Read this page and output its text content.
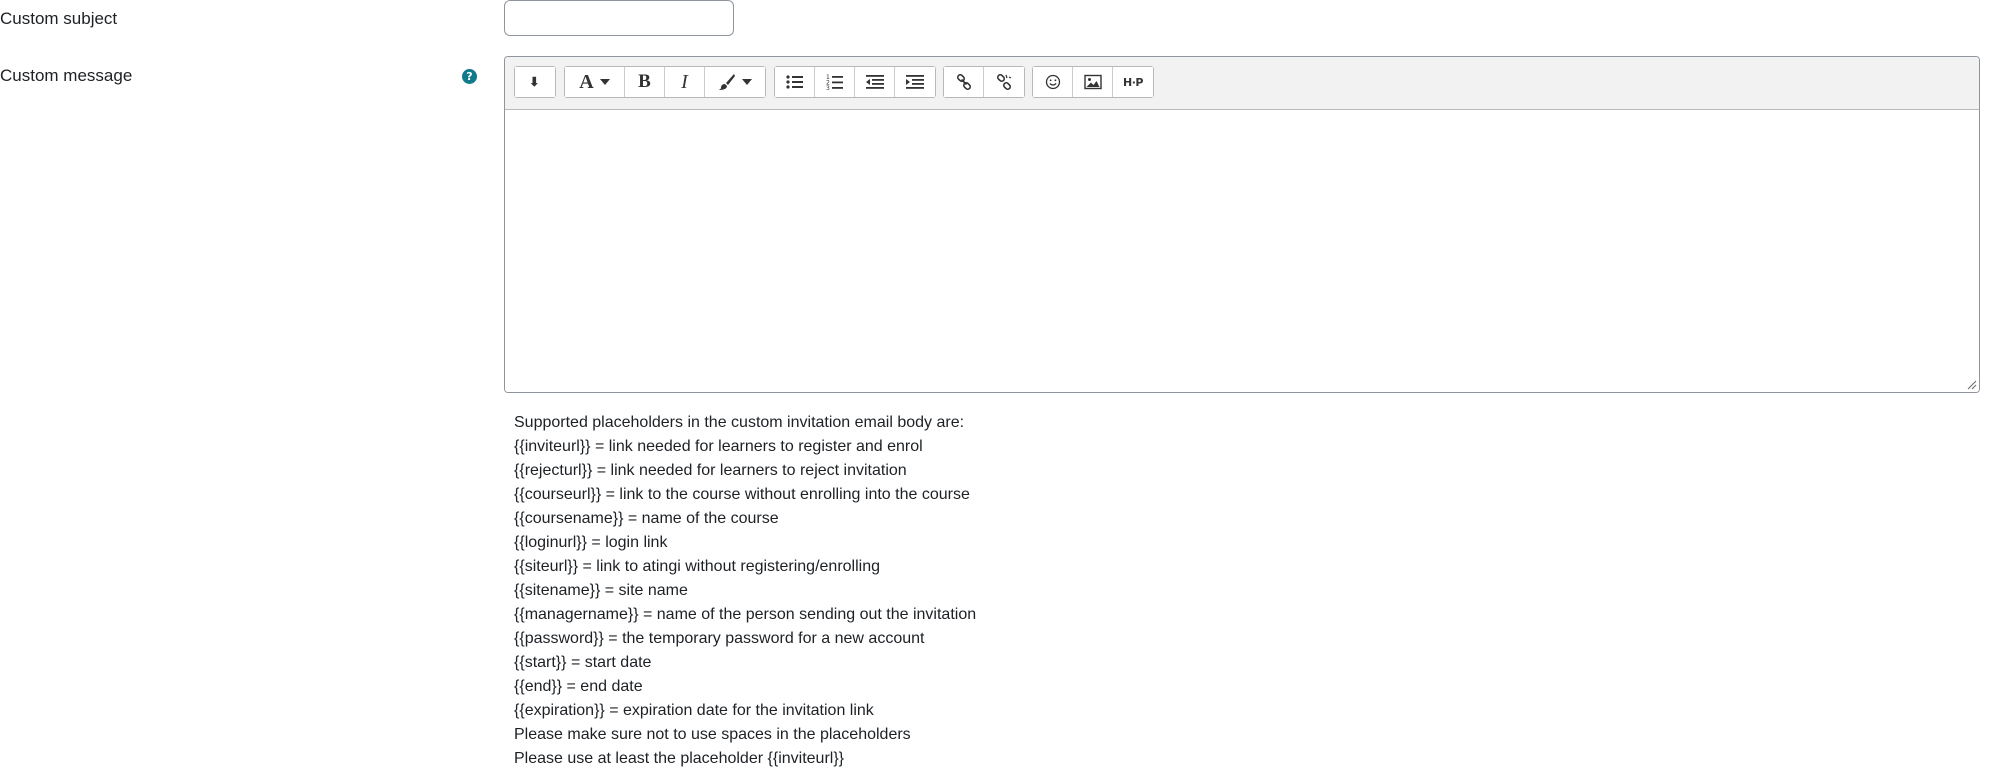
Custom subject
Custom message	?	A B I	1
2
3	H·P
Supported placeholders in the custom invitation email body are:
{{inviteurl}} = link needed for learners to register and enrol
{{rejecturl}} = link needed for learners to reject invitation
{{courseurl}} = link to the course without enrolling into the course
{{coursename}} = name of the course
{{loginurl}} = login link
{{siteurl}} = link to atingi without registering/enrolling
{{sitename}} = site name
{{managername}} = name of the person sending out the invitation
{{password}} = the temporary password for a new account
{{start}} = start date
{{end}} = end date
{{expiration}} = expiration date for the invitation link
Please make sure not to use spaces in the placeholders
Please use at least the placeholder {{inviteurl}}
